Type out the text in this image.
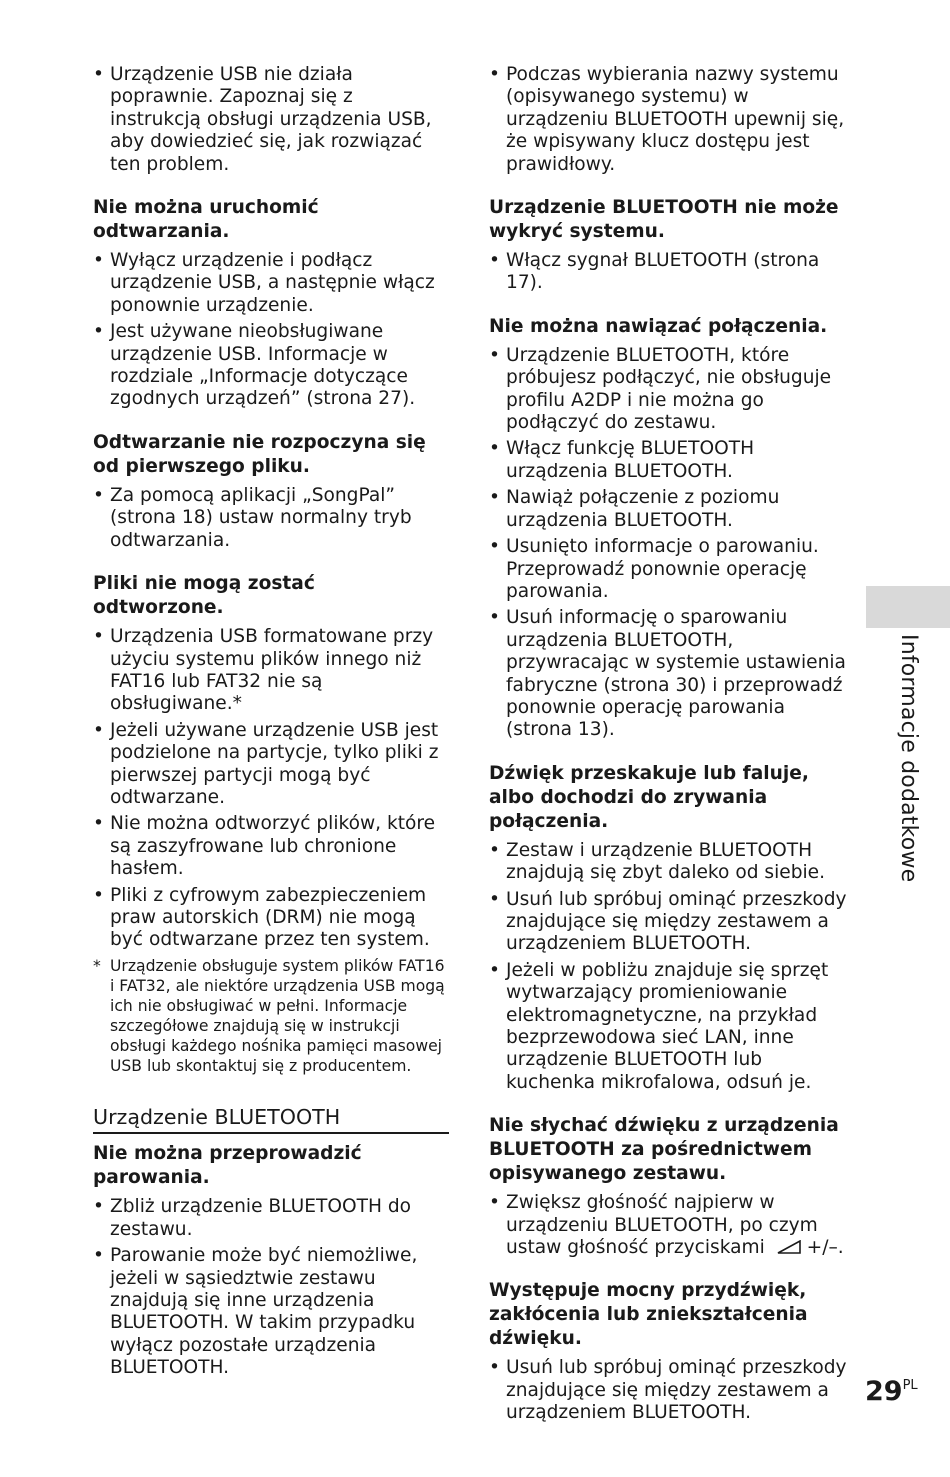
• Urządzenie USB nie działa poprawnie. Zapoznaj się z instrukcją obsługi urządzenia USB, aby dowiedzieć się, jak rozwiązać ten problem.
Nie można uruchomić odtwarzania.
• Wyłącz urządzenie i podłącz urządzenie USB, a następnie włącz ponownie urządzenie.
• Jest używane nieobsługiwane urządzenie USB. Informacje w rozdziale „Informacje dotyczące zgodnych urządzeń” (strona 27).
Odtwarzanie nie rozpoczyna się od pierwszego pliku.
• Za pomocą aplikacji „SongPal” (strona 18) ustaw normalny tryb odtwarzania.
Pliki nie mogą zostać odtworzone.
• Urządzenia USB formatowane przy użyciu systemu plików innego niż FAT16 lub FAT32 nie są obsługiwane.*
• Jeżeli używane urządzenie USB jest podzielone na partycje, tylko pliki z pierwszej partycji mogą być odtwarzane.
• Nie można odtworzyć plików, które są zaszyfrowane lub chronione hasłem.
• Pliki z cyfrowym zabezpieczeniem praw autorskich (DRM) nie mogą być odtwarzane przez ten system.

* Urządzenie obsługuje system plików FAT16 i FAT32, ale niektóre urządzenia USB mogą ich nie obsługiwać w pełni. Informacje szczegółowe znajdują się w instrukcji obsługi każdego nośnika pamięci masowej USB lub skontaktuj się z producentem.

Urządzenie BLUETOOTH
Nie można przeprowadzić parowania.
• Zbliż urządzenie BLUETOOTH do zestawu.
• Parowanie może być niemożliwe, jeżeli w sąsiedztwie zestawu znajdują się inne urządzenia BLUETOOTH. W takim przypadku wyłącz pozostałe urządzenia BLUETOOTH.
• Podczas wybierania nazwy systemu (opisywanego systemu) w urządzeniu BLUETOOTH upewnij się, że wpisywany klucz dostępu jest prawidłowy.
Urządzenie BLUETOOTH nie może wykryć systemu.
• Włącz sygnał BLUETOOTH (strona 17).
Nie można nawiązać połączenia.
• Urządzenie BLUETOOTH, które próbujesz podłączyć, nie obsługuje profilu A2DP i nie można go podłączyć do zestawu.
• Włącz funkcję BLUETOOTH urządzenia BLUETOOTH.
• Nawiąż połączenie z poziomu urządzenia BLUETOOTH.
• Usunięto informacje o parowaniu. Przeprowadź ponownie operację parowania.
• Usuń informację o sparowaniu urządzenia BLUETOOTH, przywracając w systemie ustawienia fabryczne (strona 30) i przeprowadź ponownie operację parowania (strona 13).
Dźwięk przeskakuje lub faluje, albo dochodzi do zrywania połączenia.
• Zestaw i urządzenie BLUETOOTH znajdują się zbyt daleko od siebie.
• Usuń lub spróbuj ominąć przeszkody znajdujące się między zestawem a urządzeniem BLUETOOTH.
• Jeżeli w pobliżu znajduje się sprzęt wytwarzający promieniowanie elektromagnetyczne, na przykład bezprzewodowa sieć LAN, inne urządzenie BLUETOOTH lub kuchenka mikrofalowa, odsuń je.
Nie słychać dźwięku z urządzenia BLUETOOTH za pośrednictwem opisywanego zestawu.
• Zwiększ głośność najpierw w urządzeniu BLUETOOTH, po czym ustaw głośność przyciskami  +/–.
Występuje mocny przydźwięk, zakłócenia lub zniekształcenia dźwięku.
• Usuń lub spróbuj ominąć przeszkody znajdujące się między zestawem a urządzeniem BLUETOOTH.
Informacje dodatkowe
$29^{PL}$
